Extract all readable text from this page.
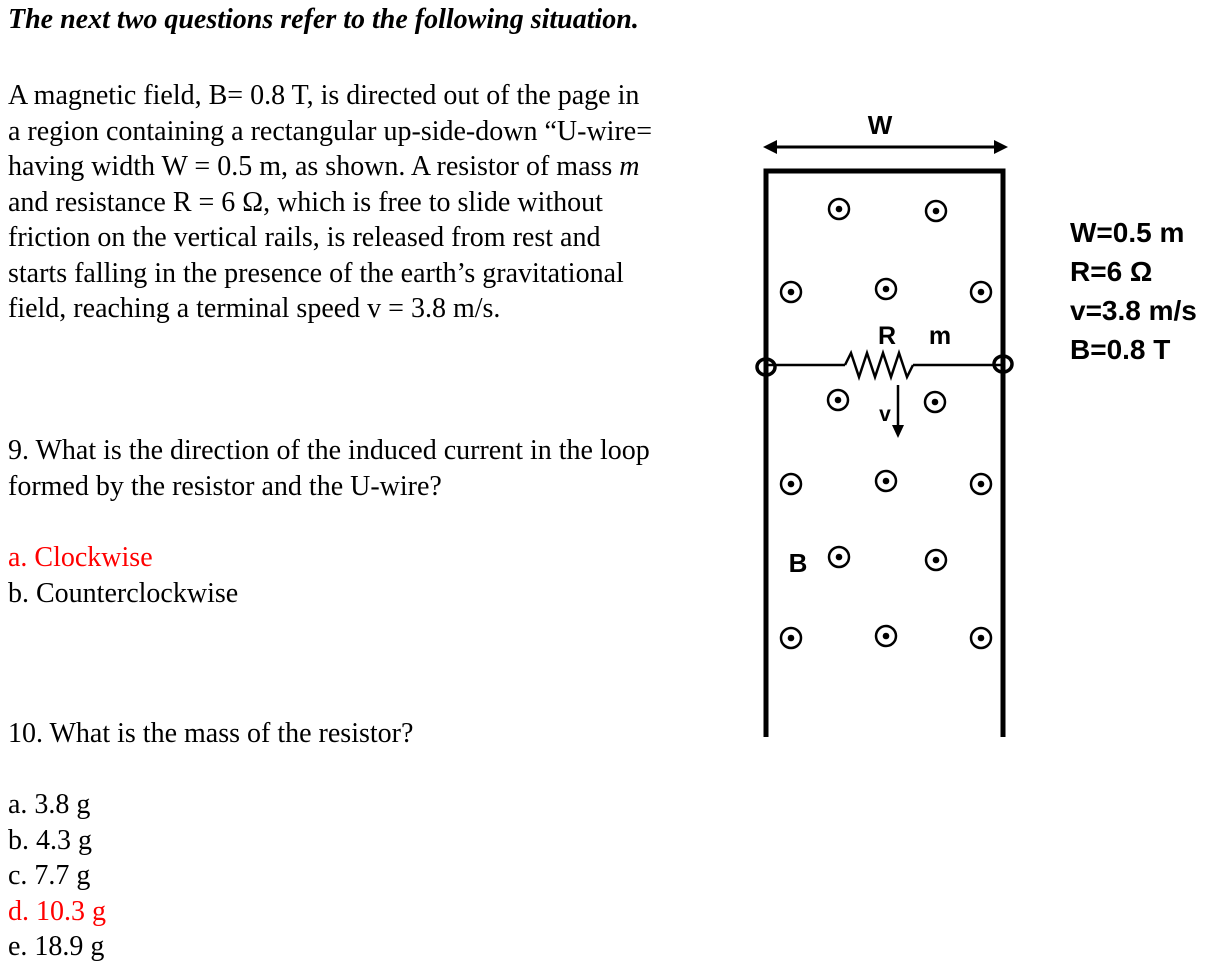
The next two questions refer to the following situation.
A magnetic field, B= 0.8 T, is directed out of the page in
a region containing a rectangular up-side-down “U-wire=
having width W = 0.5 m, as shown. A resistor of mass m
and resistance R = 6 Ω, which is free to slide without
friction on the vertical rails, is released from rest and
starts falling in the presence of the earth’s gravitational
field, reaching a terminal speed v = 3.8 m/s.
9. What is the direction of the induced current in the loop
formed by the resistor and the U-wire?
a. Clockwise
b. Counterclockwise
10. What is the mass of the resistor?
a. 3.8 g
b. 4.3 g
c. 7.7 g
d. 10.3 g
e. 18.9 g
W
R m
v
B
W=0.5 m
R=6 Ω
v=3.8 m/s
B=0.8 T
